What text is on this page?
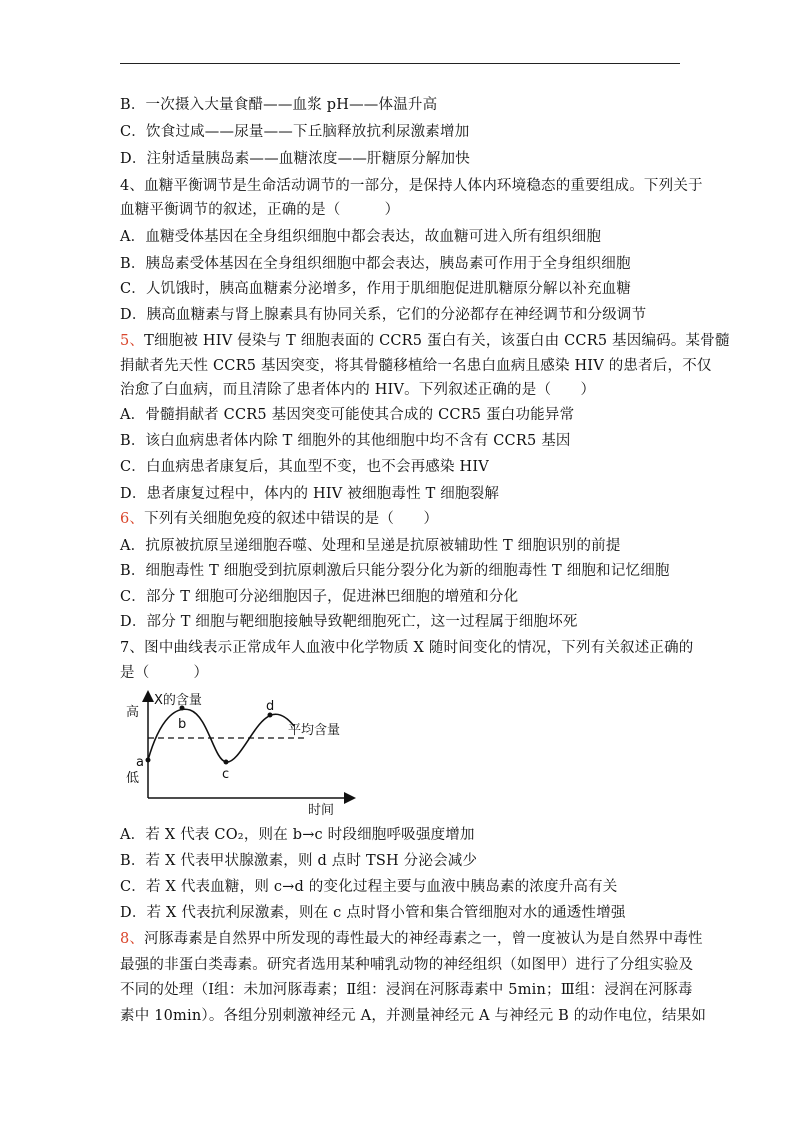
B．一次摄入大量食醋——血浆 pH——体温升高
C．饮食过咸——尿量——下丘脑释放抗利尿激素增加
D．注射适量胰岛素——血糖浓度——肝糖原分解加快
4、血糖平衡调节是生命活动调节的一部分，是保持人体内环境稳态的重要组成。下列关于
血糖平衡调节的叙述，正确的是（　　　）
A．血糖受体基因在全身组织细胞中都会表达，故血糖可进入所有组织细胞
B．胰岛素受体基因在全身组织细胞中都会表达，胰岛素可作用于全身组织细胞
C．人饥饿时，胰高血糖素分泌增多，作用于肌细胞促进肌糖原分解以补充血糖
D．胰高血糖素与肾上腺素具有协同关系，它们的分泌都存在神经调节和分级调节
5、T细胞被 HIV 侵染与 T 细胞表面的 CCR5 蛋白有关，该蛋白由 CCR5 基因编码。某骨髓
捐献者先天性 CCR5 基因突变，将其骨髓移植给一名患白血病且感染 HIV 的患者后，不仅
治愈了白血病，而且清除了患者体内的 HIV。下列叙述正确的是（　　）
A．骨髓捐献者 CCR5 基因突变可能使其合成的 CCR5 蛋白功能异常
B．该白血病患者体内除 T 细胞外的其他细胞中均不含有 CCR5 基因
C．白血病患者康复后，其血型不变，也不会再感染 HIV
D．患者康复过程中，体内的 HIV 被细胞毒性 T 细胞裂解
6、下列有关细胞免疫的叙述中错误的是（　　）
A．抗原被抗原呈递细胞吞噬、处理和呈递是抗原被辅助性 T 细胞识别的前提
B．细胞毒性 T 细胞受到抗原刺激后只能分裂分化为新的细胞毒性 T 细胞和记忆细胞
C．部分 T 细胞可分泌细胞因子，促进淋巴细胞的增殖和分化
D．部分 T 细胞与靶细胞接触导致靶细胞死亡，这一过程属于细胞坏死
7、图中曲线表示正常成年人血液中化学物质 X 随时间变化的情况，下列有关叙述正确的
是（　　　）
X的含量
高
低
a
b
c
d
平均含量
时间
A．若 X 代表 CO₂，则在 b→c 时段细胞呼吸强度增加
B．若 X 代表甲状腺激素，则 d 点时 TSH 分泌会减少
C．若 X 代表血糖，则 c→d 的变化过程主要与血液中胰岛素的浓度升高有关
D．若 X 代表抗利尿激素，则在 c 点时肾小管和集合管细胞对水的通透性增强
8、河豚毒素是自然界中所发现的毒性最大的神经毒素之一，曾一度被认为是自然界中毒性
最强的非蛋白类毒素。研究者选用某种哺乳动物的神经组织（如图甲）进行了分组实验及
不同的处理（Ⅰ组：未加河豚毒素；Ⅱ组：浸润在河豚毒素中 5min；Ⅲ组：浸润在河豚毒
素中 10min）。各组分别刺激神经元 A，并测量神经元 A 与神经元 B 的动作电位，结果如
